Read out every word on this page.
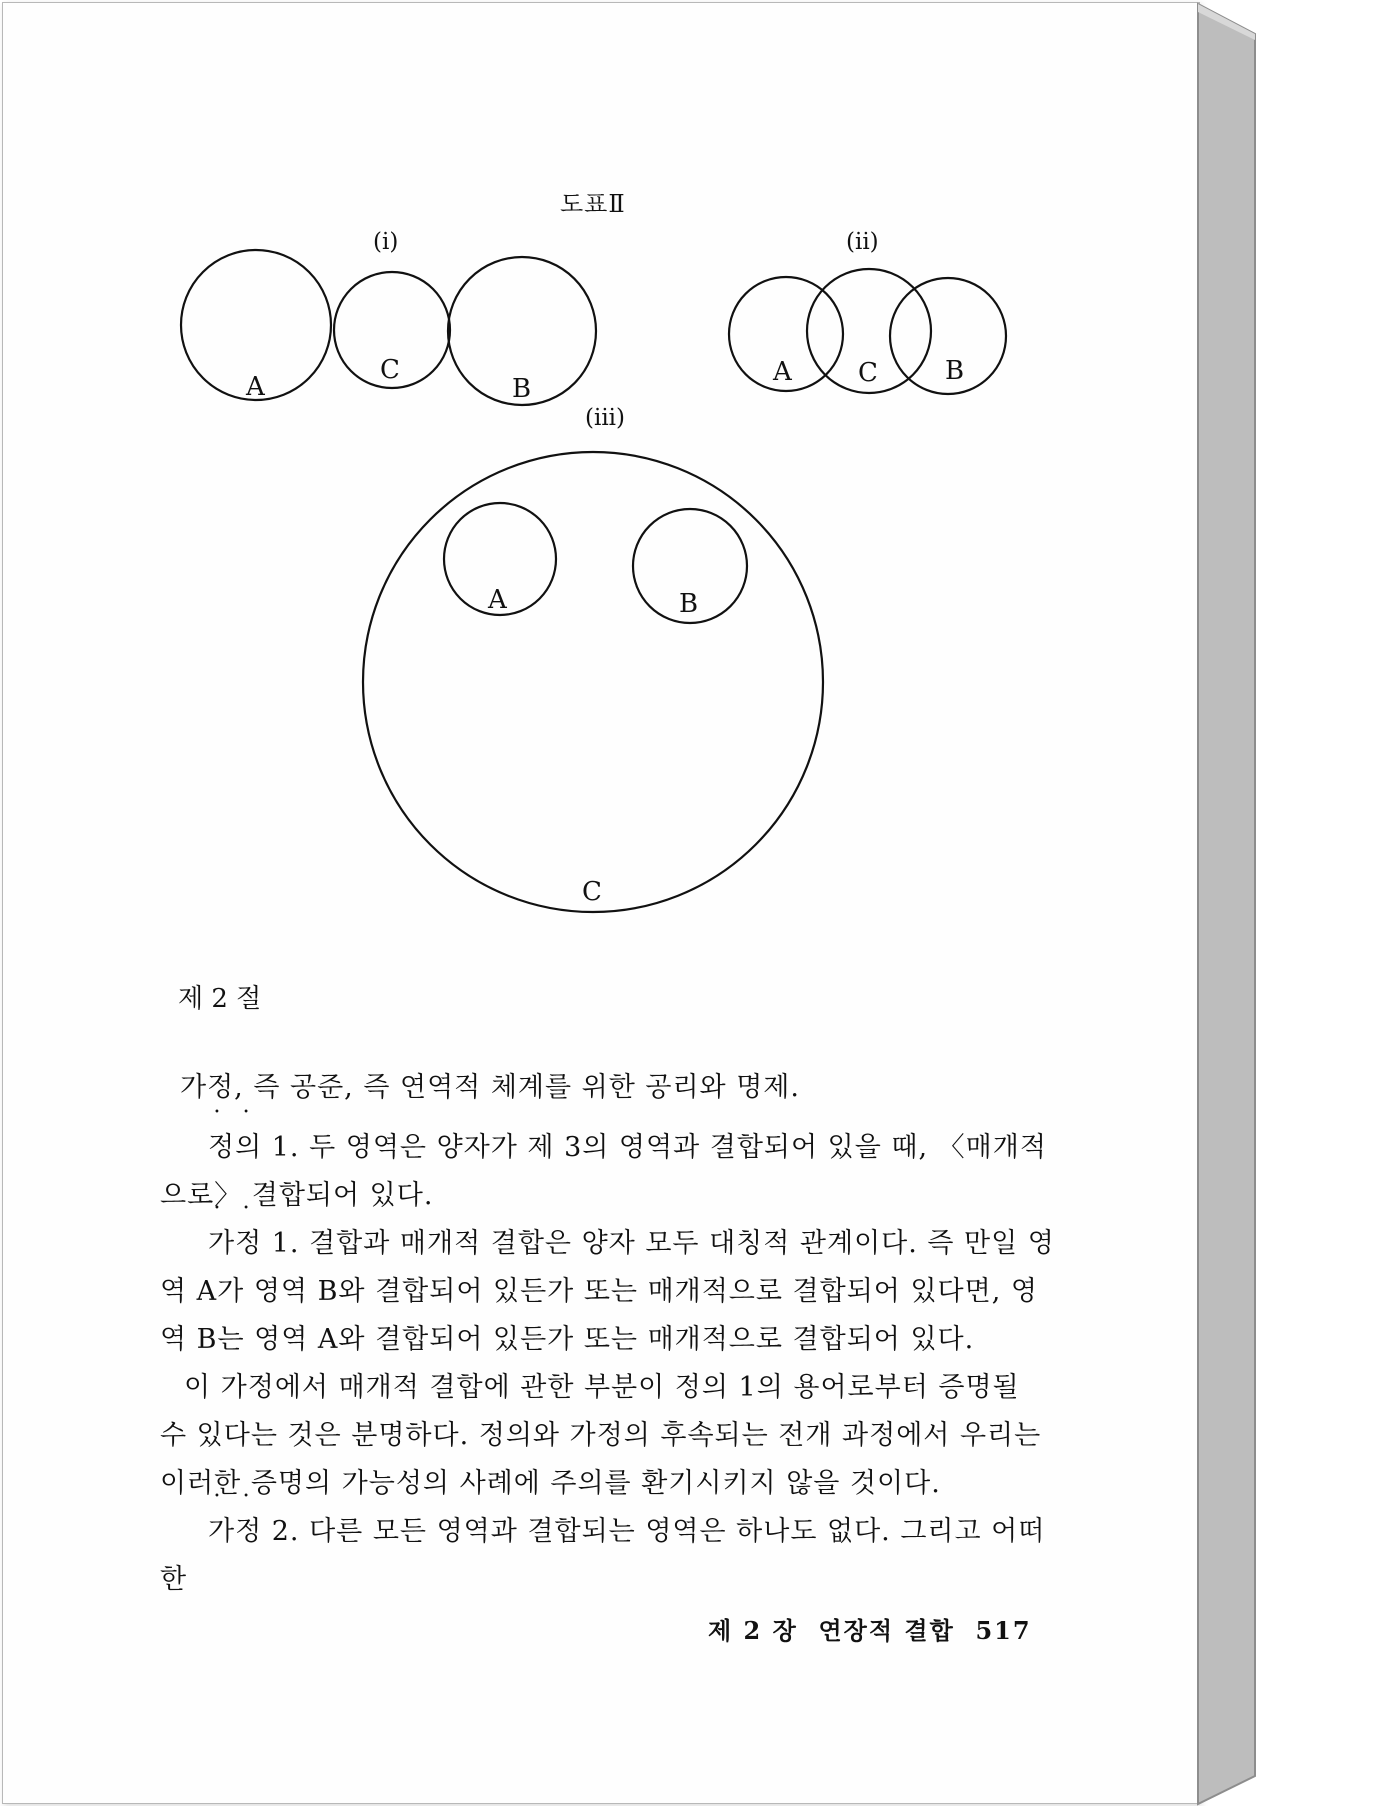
도표Ⅱ
(i)
A
C
B
(ii)
A	C	B
(iii)
A	B
C
제 2 절

가정, 즉 공준, 즉 연역적 체계를 위한 공리와 명제.

• • 정의 1. 두 영역은 양자가 제 3의 영역과 결합되어 있을 때, 〈매개적으로〉 결합되어 있다.

• • 가정 1. 결합과 매개적 결합은 양자 모두 대칭적 관계이다. 즉 만일 영역 A가 영역 B와 결합되어 있든가 또는 매개적으로 결합되어 있다면, 영역 B는 영역 A와 결합되어 있든가 또는 매개적으로 결합되어 있다.

이 가정에서 매개적 결합에 관한 부분이 정의 1의 용어로부터 증명될 수 있다는 것은 분명하다. 정의와 가정의 후속되는 전개 과정에서 우리는 이러한 증명의 가능성의 사례에 주의를 환기시키지 않을 것이다.

• • 가정 2. 다른 모든 영역과 결합되는 영역은 하나도 없다. 그리고 어떠한

제 2 장  연장적 결합  517
